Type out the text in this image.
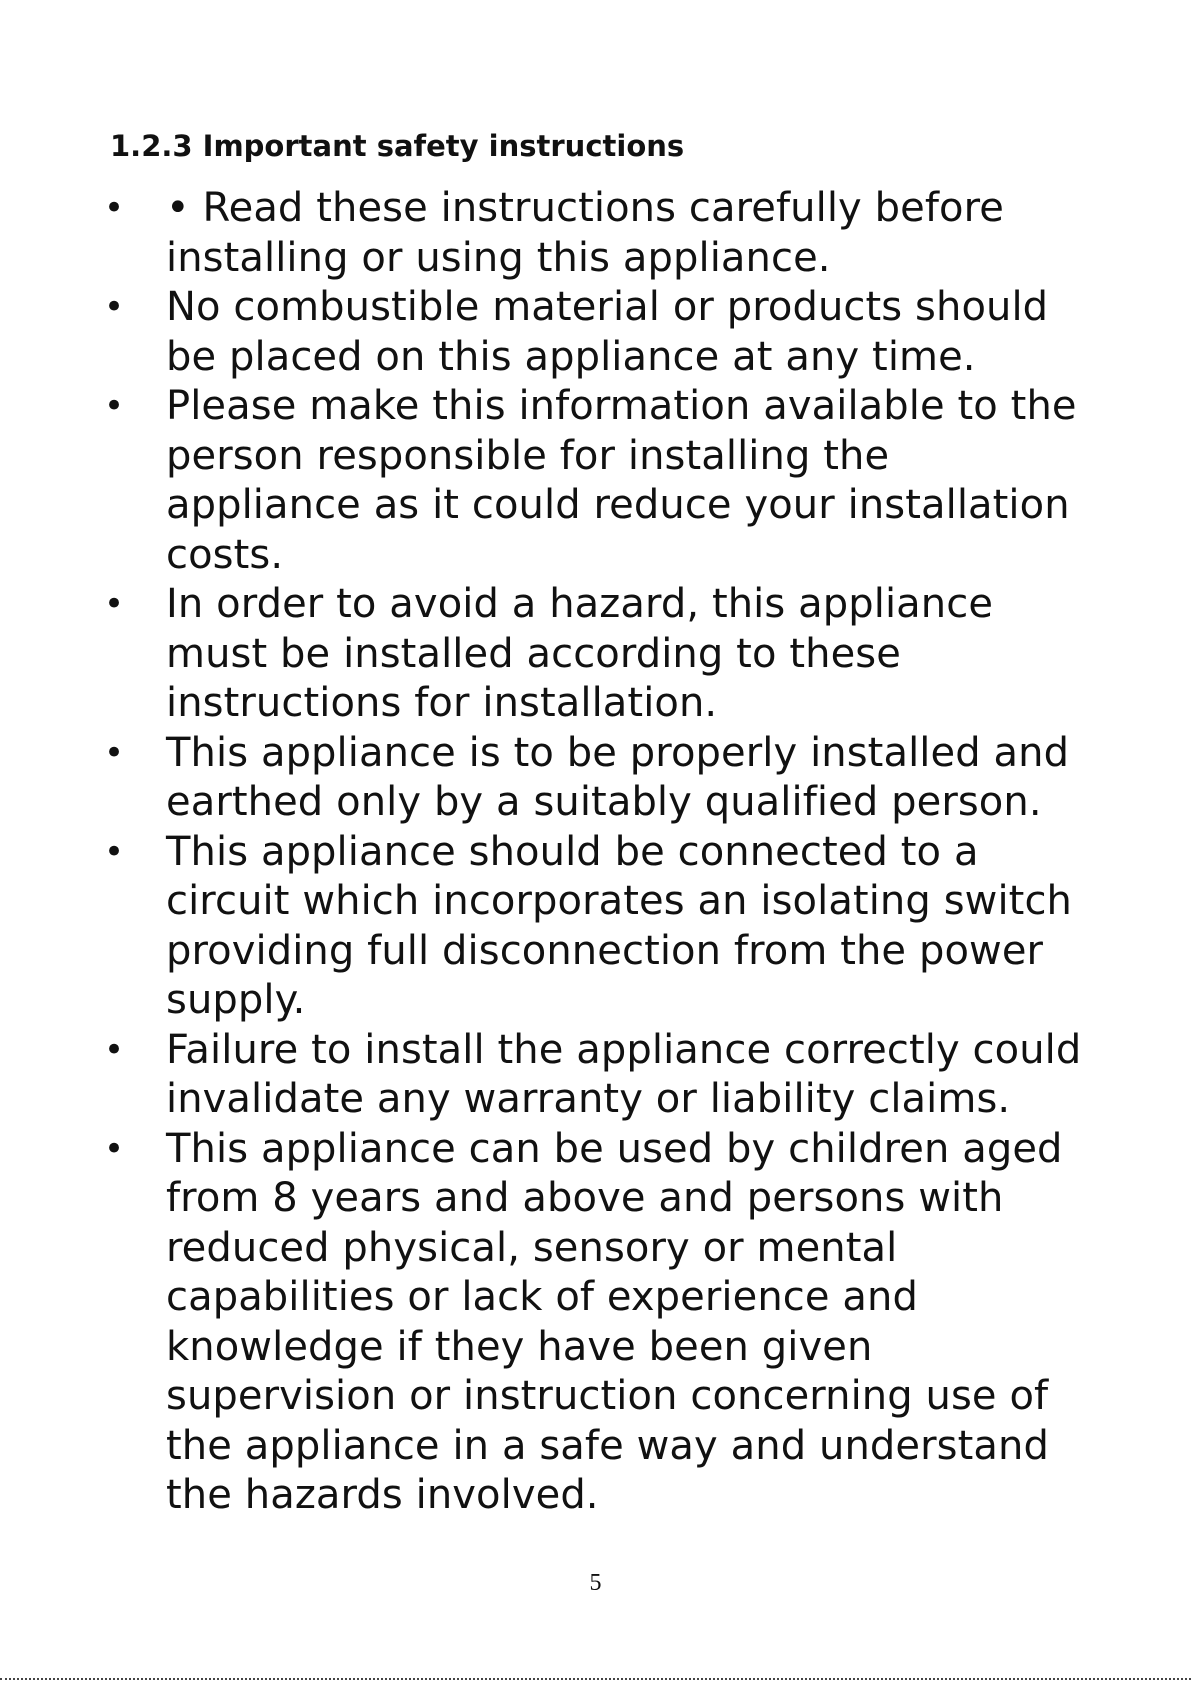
1.2.3 Important safety instructions
• • Read these instructions carefully before
installing or using this appliance.
• No combustible material or products should
be placed on this appliance at any time.
• Please make this information available to the
person responsible for installing the
appliance as it could reduce your installation
costs.
• In order to avoid a hazard, this appliance
must be installed according to these
instructions for installation.
• This appliance is to be properly installed and
earthed only by a suitably qualified person.
• This appliance should be connected to a
circuit which incorporates an isolating switch
providing full disconnection from the power
supply.
• Failure to install the appliance correctly could
invalidate any warranty or liability claims.
• This appliance can be used by children aged
from 8 years and above and persons with
reduced physical, sensory or mental
capabilities or lack of experience and
knowledge if they have been given
supervision or instruction concerning use of
the appliance in a safe way and understand
the hazards involved.
5
